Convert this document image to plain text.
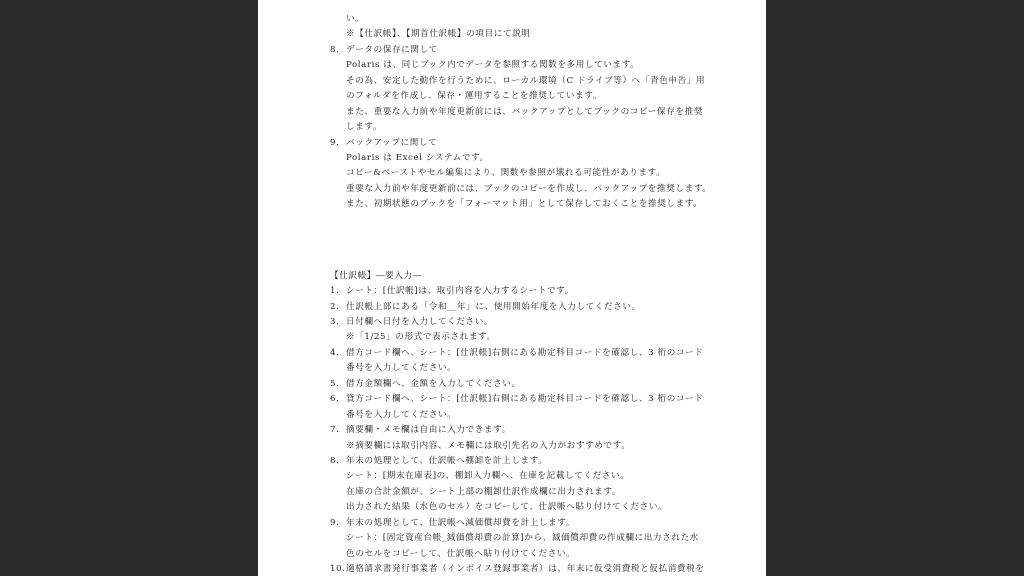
い。
※【仕訳帳】、【期首仕訳帳】の項目にて説明
8. データの保存に関して
Polaris は、同じブック内でデータを参照する関数を多用しています。
その為、安定した動作を行うために、ローカル環境（C ドライブ等）へ「青色申告」用
のフォルダを作成し、保存・運用することを推奨しています。
また、重要な入力前や年度更新前には、バックアップとしてブックのコピー保存を推奨
します。
9. バックアップに関して
Polaris は Excel システムです。
コピー&ペーストやセル編集により、関数や参照が壊れる可能性があります。
重要な入力前や年度更新前には、ブックのコピーを作成し、バックアップを推奨します。
また、初期状態のブックを「フォーマット用」として保存しておくことを推奨します。
【仕訳帳】―要入力―
1. シート：[仕訳帳]は、取引内容を入力するシートです。
2. 仕訳帳上部にある「令和__年」に、使用開始年度を入力してください。
3. 日付欄へ日付を入力してください。
※「1/25」の形式で表示されます。
4. 借方コード欄へ、シート：[仕訳帳]右側にある勘定科目コードを確認し、3 桁のコード
番号を入力してください。
5. 借方金額欄へ、金額を入力してください。
6. 貸方コード欄へ、シート：[仕訳帳]右側にある勘定科目コードを確認し、3 桁のコード
番号を入力してください。
7. 摘要欄・メモ欄は自由に入力できます。
※摘要欄には取引内容、メモ欄には取引先名の入力がおすすめです。
8. 年末の処理として、仕訳帳へ棚卸を計上します。
シート：[期末在庫表]の、棚卸入力欄へ、在庫を記載してください。
在庫の合計金額が、シート上部の棚卸仕訳作成欄に出力されます。
出力された結果（水色のセル）をコピーして、仕訳帳へ貼り付けてください。
9. 年末の処理として、仕訳帳へ減価償却費を計上します。
シート：[固定資産台帳_減価償却費の計算]から、減価償却費の作成欄に出力された水
色のセルをコピーして、仕訳帳へ貼り付けてください。
10.適格請求書発行事業者（インボイス登録事業者）は、年末に仮受消費税と仮払消費税を
